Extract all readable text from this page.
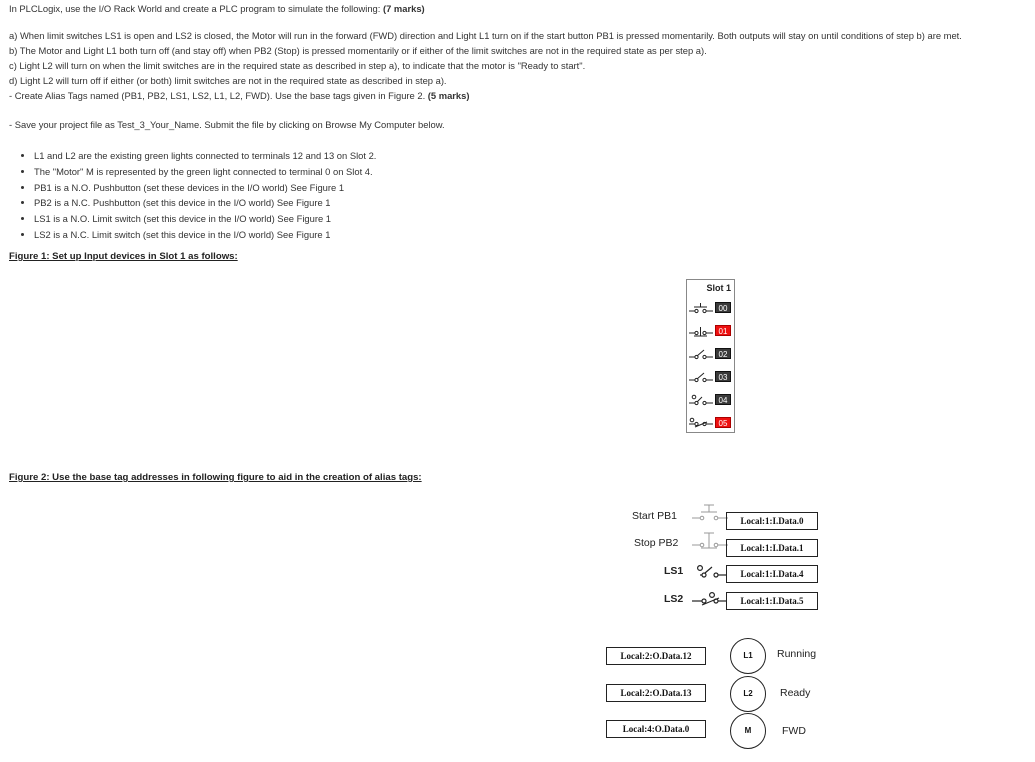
In PLCLogix, use the I/O Rack World and create a PLC program to simulate the following: (7 marks)
a) When limit switches LS1 is open and LS2 is closed, the Motor will run in the forward (FWD) direction and Light L1 turn on if the start button PB1 is pressed momentarily. Both outputs will stay on until conditions of step b) are met.
b) The Motor and Light L1 both turn off (and stay off) when PB2 (Stop) is pressed momentarily or if either of the limit switches are not in the required state as per step a).
c) Light L2 will turn on when the limit switches are in the required state as described in step a), to indicate that the motor is "Ready to start".
d) Light L2 will turn off if either (or both) limit switches are not in the required state as described in step a).
- Create Alias Tags named (PB1, PB2, LS1, LS2, L1, L2, FWD). Use the base tags given in Figure 2. (5 marks)
- Save your project file as Test_3_Your_Name. Submit the file by clicking on Browse My Computer below.
• L1 and L2 are the existing green lights connected to terminals 12 and 13 on Slot 2.
• The "Motor" M is represented by the green light connected to terminal 0 on Slot 4.
• PB1 is a N.O. Pushbutton (set these devices in the I/O world) See Figure 1
• PB2 is a N.C. Pushbutton (set this device in the I/O world) See Figure 1
• LS1 is a N.O. Limit switch (set this device in the I/O world) See Figure 1
• LS2 is a N.C. Limit switch (set this device in the I/O world) See Figure 1
Figure 1: Set up Input devices in Slot 1 as follows:
Slot 1
00
01
02
03
04
05
Figure 2: Use the base tag addresses in following figure to aid in the creation of alias tags:
Start PB1	Local:1:I.Data.0
Stop PB2	Local:1:I.Data.1
LS1	Local:1:I.Data.4
LS2	Local:1:I.Data.5
Local:2:O.Data.12	L1	Running
Local:2:O.Data.13	L2	Ready
Local:4:O.Data.0	M	FWD
